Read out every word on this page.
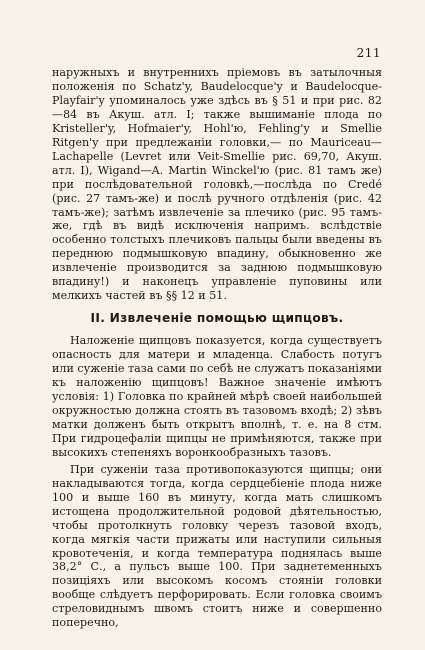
211

наружныхъ и внутреннихъ пріемовъ въ затылочныя положенія по Schatz'y, Baudelocque'y и Baudelocque-Playfair'y упоминалось уже здѣсь въ § 51 и при рис. 82—84 въ Акуш. атл. I; также вышиманіе плода по Kristeller'y, Hofmaier'y, Hohl'ю, Fehling'y и Smellie Ritgen'y при предлежаніи головки,— по Mauriceau—Lachapelle (Levret или Veit-Smellie рис. 69,70, Акуш. атл. I), Wigand—A. Martin Winckel'ю (рис. 81 тамъ же) при послѣдовательной головкѣ,—послѣда по Credé (рис. 27 тамъ-же) и послѣ ручного отдѣленія (рис. 42 тамъ-же); затѣмъ извлеченіе за плечико (рис. 95 тамъ-же, гдѣ въ видѣ исключенія напримъ. вслѣдствіе особенно толстыхъ плечиковъ пальцы были введены въ переднюю подмышковую впадину, обыкновенно же извлеченіе производится за заднюю подмышковую впадину!) и наконецъ управленіе пуповины или мелкихъ частей въ §§ 12 и 51.

II. Извлеченіе помощью щипцовъ.

Наложеніе щипцовъ показуется, когда существуетъ опасность для матери и младенца. Слабость потугъ или суженіе таза сами по себѣ не служатъ показаніями къ наложенію щипцовъ! Важное значеніе имѣютъ условія: 1) Головка по крайней мѣрѣ своей наибольшей окружностью должна стоять въ тазовомъ входѣ; 2) зѣвъ матки долженъ быть открытъ вполнѣ, т. е. на 8 стм. При гидроцефаліи щипцы не примѣняются, также при высокихъ степеняхъ воронкообразныхъ тазовъ.

При суженіи таза противопоказуются щипцы; они накладываются тогда, когда сердцебіеніе плода ниже 100 и выше 160 въ минуту, когда мать слишкомъ истощена продолжительной родовой дѣятельностью, чтобы протолкнуть головку черезъ тазовой входъ, когда мягкія части прижаты или наступили сильныя кровотеченія, и когда температура поднялась выше 38,2° С., а пульсъ выше 100. При заднетеменныхъ позиціяхъ или высокомъ косомъ стояніи головки вообще слѣдуетъ перфорировать. Если головка своимъ стреловиднымъ швомъ стоитъ ниже и совершенно поперечно,
